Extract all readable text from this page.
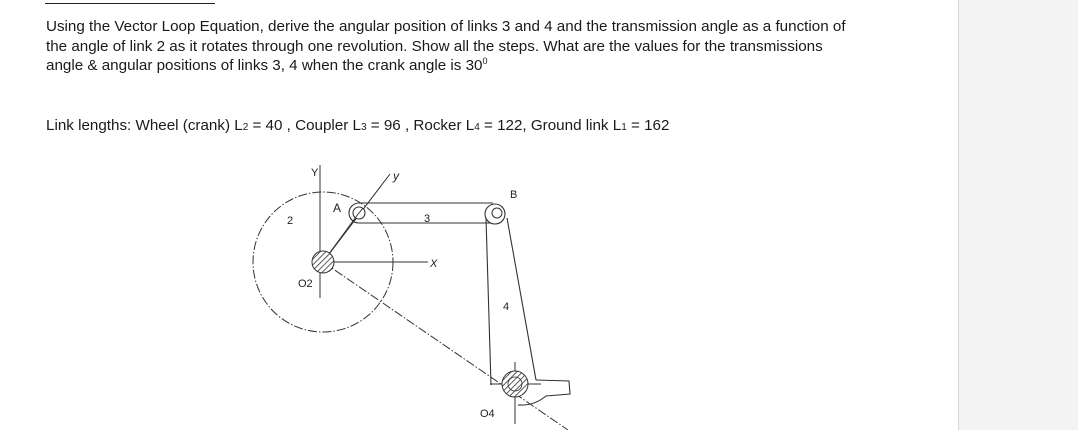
Using the Vector Loop Equation, derive the angular position of links 3 and 4 and the transmission angle as a function of the angle of link 2 as it rotates through one revolution. Show all the steps. What are the values for the transmissions angle & angular positions of links 3, 4 when the crank angle is $30^0$

Link lengths: Wheel (crank) L2 = 40 , Coupler L3 = 96 , Rocker L4 = 122, Ground link L1 = 162

Y
X
y
A
3
B
4
O2
2
O4
